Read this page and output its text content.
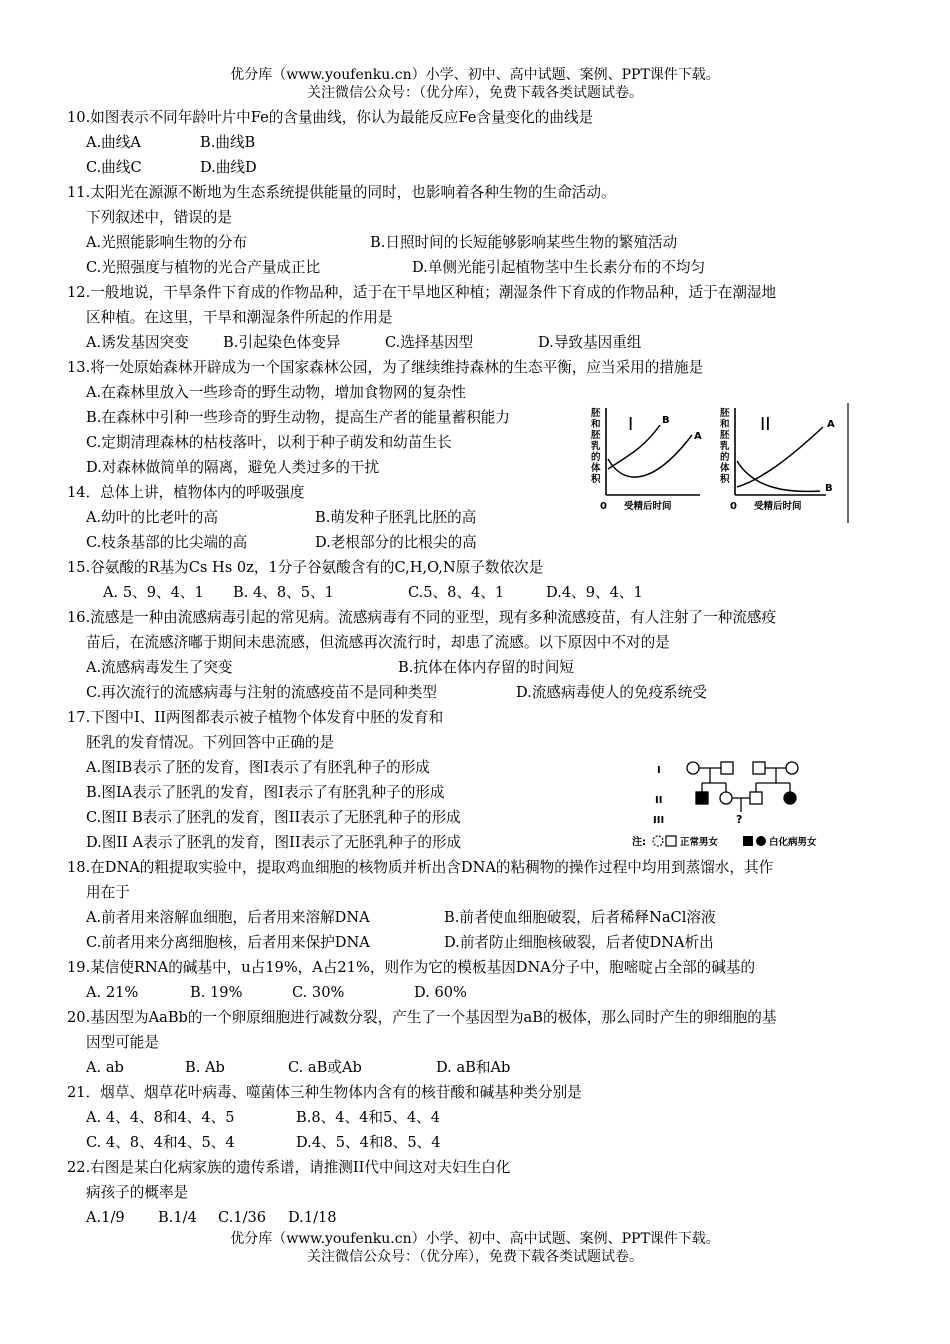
优分库（www.youfenku.cn）小学、初中、高中试题、案例、PPT课件下载。
关注微信公众号：（优分库），免费下载各类试题试卷。
10.如图表示不同年龄叶片中Fe的含量曲线，你认为最能反应Fe含量变化的曲线是
A.曲线A	B.曲线B
C.曲线C	D.曲线D
11.太阳光在源源不断地为生态系统提供能量的同时，也影响着各种生物的生命活动。
下列叙述中，错误的是
A.光照能影响生物的分布	B.日照时间的长短能够影响某些生物的繁殖活动
C.光照强度与植物的光合产量成正比	D.单侧光能引起植物茎中生长素分布的不均匀
12.一般地说，干旱条件下育成的作物品种，适于在干旱地区种植；潮湿条件下育成的作物品种，适于在潮湿地
区种植。在这里，干旱和潮湿条件所起的作用是
A.诱发基因突变 B.引起染色体变异	C.选择基因型	D.导致基因重组
13.将一处原始森林开辟成为一个国家森林公园，为了继续维持森林的生态平衡，应当采用的措施是
A.在森林里放入一些珍奇的野生动物，增加食物网的复杂性
B.在森林中引种一些珍奇的野生动物，提高生产者的能量蓄积能力
C.定期清理森林的枯枝落叶，以利于种子萌发和幼苗生长
D.对森林做简单的隔离，避免人类过多的干扰
14．总体上讲，植物体内的呼吸强度
A.幼叶的比老叶的高	B.萌发种子胚乳比胚的高
C.枝条基部的比尖端的高	D.老根部分的比根尖的高
胚
和
胚
乳
的
体
积
I	B
A
0 受精后时间
胚
和
胚
乳
的
体
积
II	A
B
0 受精后时间
15.谷氨酸的R基为Cs Hs 0z，1分子谷氨酸含有的C,H,O,N原子数依次是
A. 5、9、4、1 B. 4、8、5、1	C.5、8、4、1	D.4、9、4、1
16.流感是一种由流感病毒引起的常见病。流感病毒有不同的亚型，现有多种流感疫苗，有人注射了一种流感疫
苗后，在流感济嘟于期间未患流感，但流感再次流行时，却患了流感。以下原因中不对的是
A.流感病毒发生了突变	B.抗体在体内存留的时间短
C.再次流行的流感病毒与注射的流感疫苗不是同种类型	D.流感病毒使人的免疫系统受
17.下图中I、II两图都表示被子植物个体发育中胚的发育和
胚乳的发育情况。下列回答中正确的是
A.图IB表示了胚的发育，图I表示了有胚乳种子的形成
B.图IA表示了胚乳的发育，图I表示了有胚乳种子的形成
C.图II B表示了胚乳的发育，图II表示了无胚乳种子的形成
D.图II A表示了胚乳的发育，图II表示了无胚乳种子的形成
I
II
III	?
注:	正常男女	白化病男女
18.在DNA的粗提取实验中，提取鸡血细胞的核物质并析出含DNA的粘稠物的操作过程中均用到蒸馏水，其作
用在于
A.前者用来溶解血细胞，后者用来溶解DNA	B.前者使血细胞破裂，后者稀释NaCl溶液
C.前者用来分离细胞核，后者用来保护DNA	D.前者防止细胞核破裂，后者使DNA析出
19.某信使RNA的碱基中，u占19%，A占21%，则作为它的模板基因DNA分子中，胞嘧啶占全部的碱基的
A. 21%	B. 19%	C. 30%	D. 60%
20.基因型为AaBb的一个卵原细胞进行减数分裂，产生了一个基因型为aB的极体，那么同时产生的卵细胞的基
因型可能是
A. ab	B. Ab	C. aB或Ab	D. aB和Ab
21．烟草、烟草花叶病毒、噬菌体三种生物体内含有的核苷酸和碱基种类分别是
A. 4、4、8和4、4、5	B.8、4、4和5、4、4
C. 4、8、4和4、5、4	D.4、5、4和8、5、4
22.右图是某白化病家族的遗传系谱，请推测II代中间这对夫妇生白化
病孩子的概率是
A.1/9 B.1/4 C.1/36 D.1/18
优分库（www.youfenku.cn）小学、初中、高中试题、案例、PPT课件下载。
关注微信公众号：（优分库），免费下载各类试题试卷。
